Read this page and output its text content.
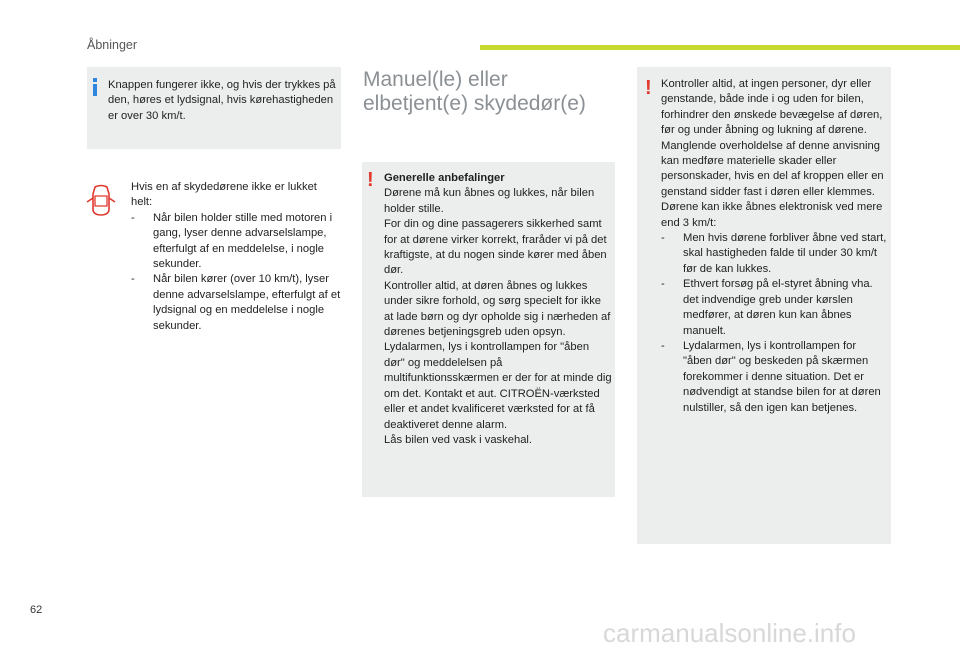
Åbninger
Knappen fungerer ikke, og hvis der trykkes på den, høres et lydsignal, hvis kørehastigheden er over 30 km/t.

Hvis en af skydedørene ikke er lukket helt:

- Når bilen holder stille med motoren i gang, lyser denne advarselslampe, efterfulgt af en meddelelse, i nogle sekunder.
- Når bilen kører (over 10 km/t), lyser denne advarselslampe, efterfulgt af et lydsignal og en meddelelse i nogle sekunder.
Manuel(le) eller elbetjent(e) skydedør(e)
! Generelle anbefalinger

Dørene må kun åbnes og lukkes, når bilen holder stille.

For din og dine passagerers sikkerhed samt for at dørene virker korrekt, fraråder vi på det kraftigste, at du nogen sinde kører med åben dør.

Kontroller altid, at døren åbnes og lukkes under sikre forhold, og sørg specielt for ikke at lade børn og dyr opholde sig i nærheden af dørenes betjeningsgreb uden opsyn.

Lydalarmen, lys i kontrollampen for "åben dør" og meddelelsen på multifunktionsskærmen er der for at minde dig om det. Kontakt et aut. CITROËN-værksted eller et andet kvalificeret værksted for at få deaktiveret denne alarm.

Lås bilen ved vask i vaskehal.

! Kontroller altid, at ingen personer, dyr eller genstande, både inde i og uden for bilen, forhindrer den ønskede bevægelse af døren, før og under åbning og lukning af dørene.

Manglende overholdelse af denne anvisning kan medføre materielle skader eller personskader, hvis en del af kroppen eller en genstand sidder fast i døren eller klemmes.

Dørene kan ikke åbnes elektronisk ved mere end 3 km/t:

- Men hvis dørene forbliver åbne ved start, skal hastigheden falde til under 30 km/t før de kan lukkes.
- Ethvert forsøg på el-styret åbning vha. det indvendige greb under kørslen medfører, at døren kun kan åbnes manuelt.
- Lydalarmen, lys i kontrollampen for "åben dør" og beskeden på skærmen forekommer i denne situation. Det er nødvendigt at standse bilen for at døren nulstiller, så den igen kan betjenes.
62
carmanualsonline.info
